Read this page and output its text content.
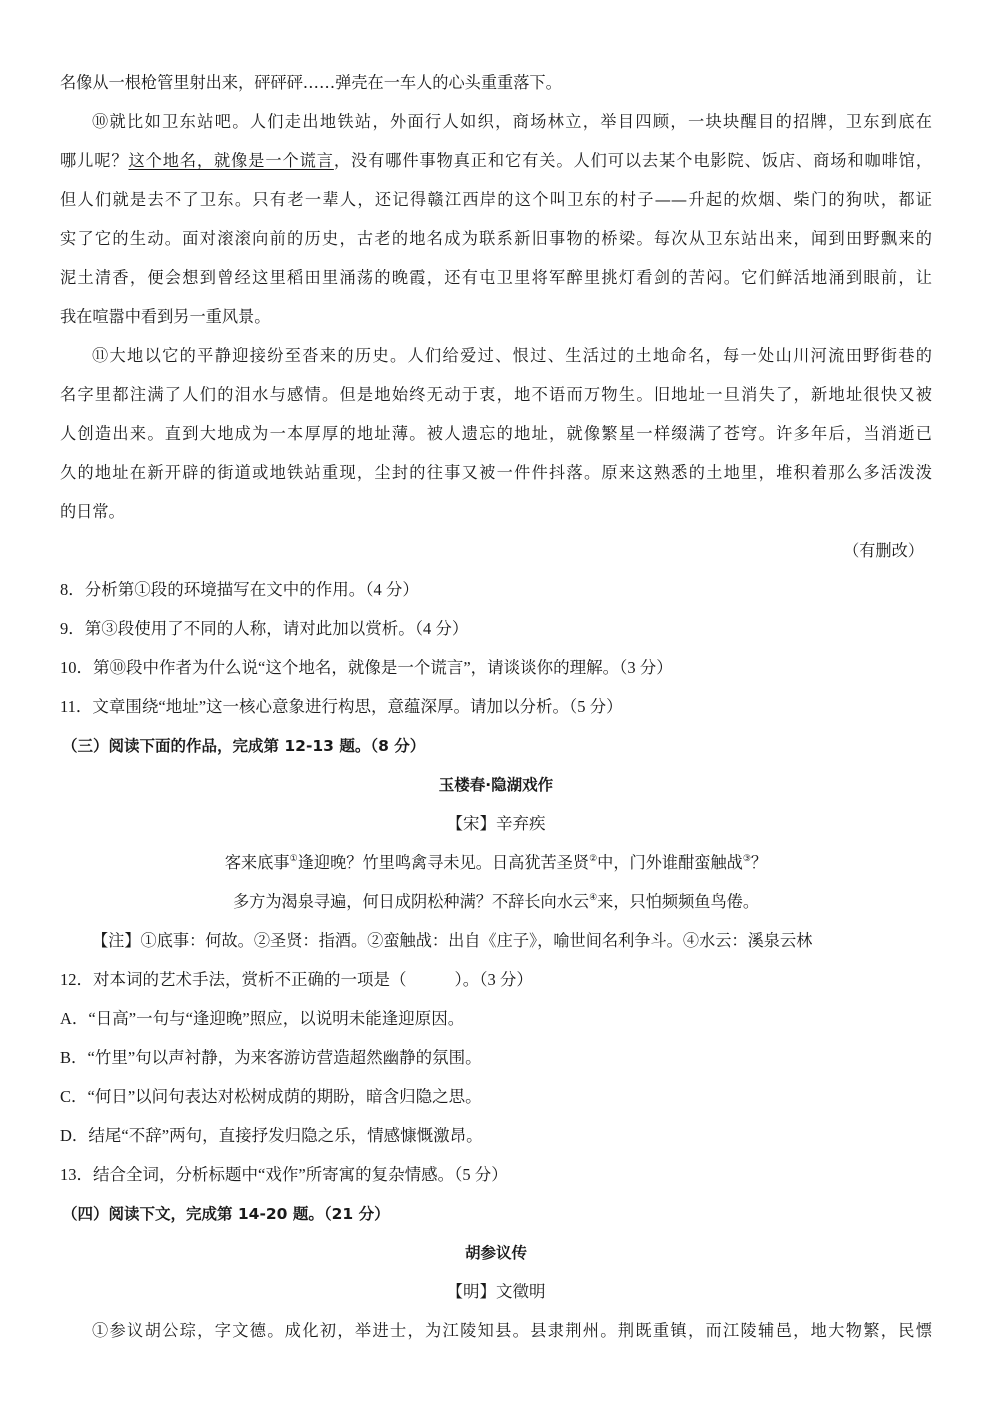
名像从一根枪管里射出来，砰砰砰……弹壳在一车人的心头重重落下。
⑩就比如卫东站吧。人们走出地铁站，外面行人如织，商场林立，举目四顾，一块块醒目的招牌，卫东到底在
哪儿呢？这个地名，就像是一个谎言，没有哪件事物真正和它有关。人们可以去某个电影院、饭店、商场和咖啡馆，
但人们就是去不了卫东。只有老一辈人，还记得赣江西岸的这个叫卫东的村子——升起的炊烟、柴门的狗吠，都证
实了它的生动。面对滚滚向前的历史，古老的地名成为联系新旧事物的桥梁。每次从卫东站出来，闻到田野飘来的
泥土清香，便会想到曾经这里稻田里涌荡的晚霞，还有屯卫里将军醉里挑灯看剑的苦闷。它们鲜活地涌到眼前，让
我在喧嚣中看到另一重风景。
⑪大地以它的平静迎接纷至沓来的历史。人们给爱过、恨过、生活过的土地命名，每一处山川河流田野街巷的
名字里都注满了人们的泪水与感情。但是地始终无动于衷，地不语而万物生。旧地址一旦消失了，新地址很快又被
人创造出来。直到大地成为一本厚厚的地址薄。被人遗忘的地址，就像繁星一样缀满了苍穹。许多年后，当消逝已
久的地址在新开辟的街道或地铁站重现，尘封的往事又被一件件抖落。原来这熟悉的土地里，堆积着那么多活泼泼
的日常。
（有删改）
8．分析第①段的环境描写在文中的作用。（4 分）
9．第③段使用了不同的人称，请对此加以赏析。（4 分）
10．第⑩段中作者为什么说“这个地名，就像是一个谎言”，请谈谈你的理解。（3 分）
11．文章围绕“地址”这一核心意象进行构思，意蕴深厚。请加以分析。（5 分）
（三）阅读下面的作品，完成第 12-13 题。（8 分）
玉楼春·隐湖戏作
【宋】辛弃疾
客来底事①逢迎晚？竹里鸣禽寻未见。日高犹苦圣贤②中，门外谁酣蛮触战③？
多方为渴泉寻遍，何日成阴松种满？不辞长向水云④来，只怕频频鱼鸟倦。
【注】①底事：何故。②圣贤：指酒。②蛮触战：出自《庄子》，喻世间名利争斗。④水云：溪泉云林
12．对本词的艺术手法，赏析不正确的一项是（	）。（3 分）
A．“日高”一句与“逢迎晚”照应，以说明未能逢迎原因。
B．“竹里”句以声衬静，为来客游访营造超然幽静的氛围。
C．“何日”以问句表达对松树成荫的期盼，暗含归隐之思。
D．结尾“不辞”两句，直接抒发归隐之乐，情感慷慨激昂。
13．结合全词，分析标题中“戏作”所寄寓的复杂情感。（5 分）
（四）阅读下文，完成第 14-20 题。（21 分）
胡参议传
【明】文徵明
①参议胡公琮，字文德。成化初，举进士，为江陵知县。县隶荆州。荆既重镇，而江陵辅邑，地大物繁，民慓
